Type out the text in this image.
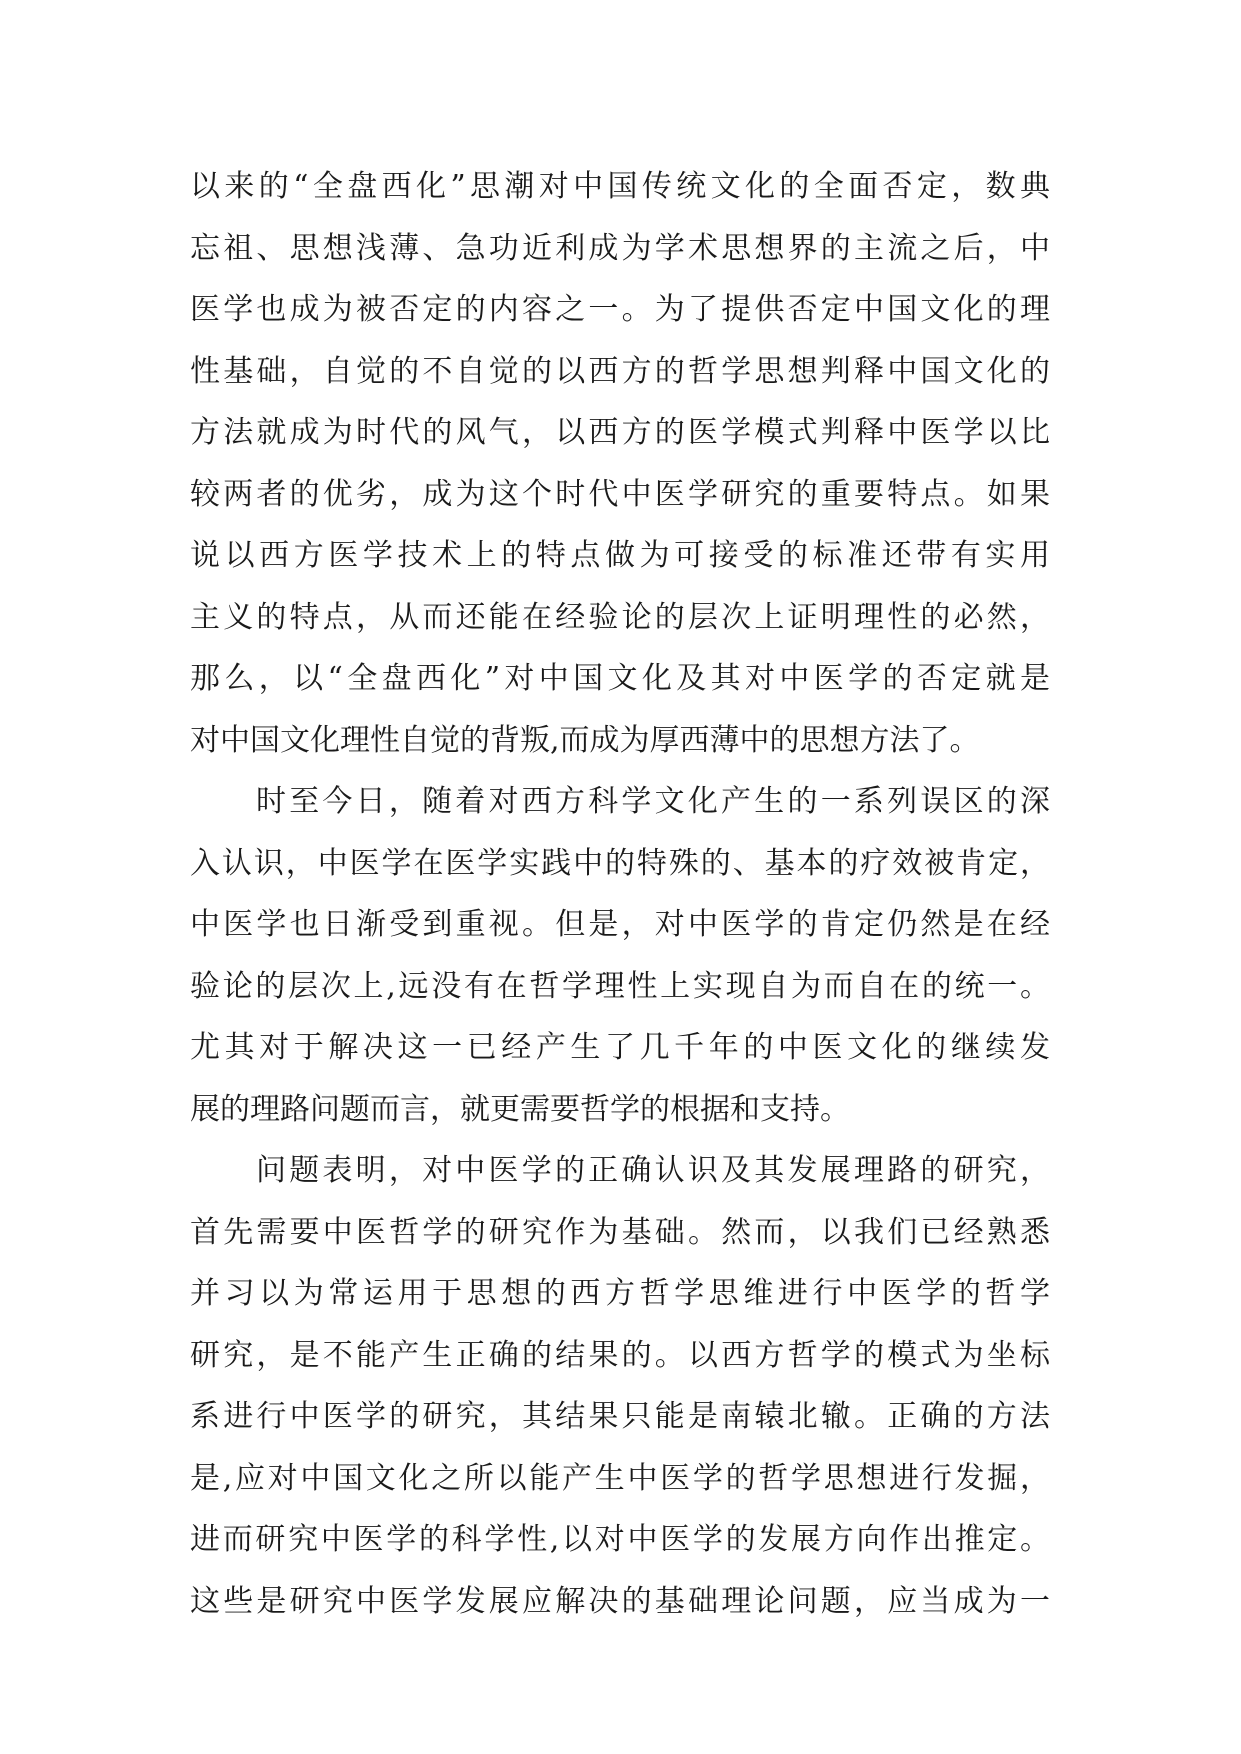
以来的“全盘西化”思潮对中国传统文化的全面否定，数典
忘祖、思想浅薄、急功近利成为学术思想界的主流之后，中
医学也成为被否定的内容之一。为了提供否定中国文化的理
性基础，自觉的不自觉的以西方的哲学思想判释中国文化的
方法就成为时代的风气，以西方的医学模式判释中医学以比
较两者的优劣，成为这个时代中医学研究的重要特点。如果
说以西方医学技术上的特点做为可接受的标准还带有实用
主义的特点，从而还能在经验论的层次上证明理性的必然，
那么，以“全盘西化”对中国文化及其对中医学的否定就是
对中国文化理性自觉的背叛,而成为厚西薄中的思想方法了。
时至今日，随着对西方科学文化产生的一系列误区的深
入认识，中医学在医学实践中的特殊的、基本的疗效被肯定，
中医学也日渐受到重视。但是，对中医学的肯定仍然是在经
验论的层次上,远没有在哲学理性上实现自为而自在的统一。
尤其对于解决这一已经产生了几千年的中医文化的继续发
展的理路问题而言，就更需要哲学的根据和支持。
问题表明，对中医学的正确认识及其发展理路的研究，
首先需要中医哲学的研究作为基础。然而，以我们已经熟悉
并习以为常运用于思想的西方哲学思维进行中医学的哲学
研究，是不能产生正确的结果的。以西方哲学的模式为坐标
系进行中医学的研究，其结果只能是南辕北辙。正确的方法
是,应对中国文化之所以能产生中医学的哲学思想进行发掘，
进而研究中医学的科学性,以对中医学的发展方向作出推定。
这些是研究中医学发展应解决的基础理论问题，应当成为一
